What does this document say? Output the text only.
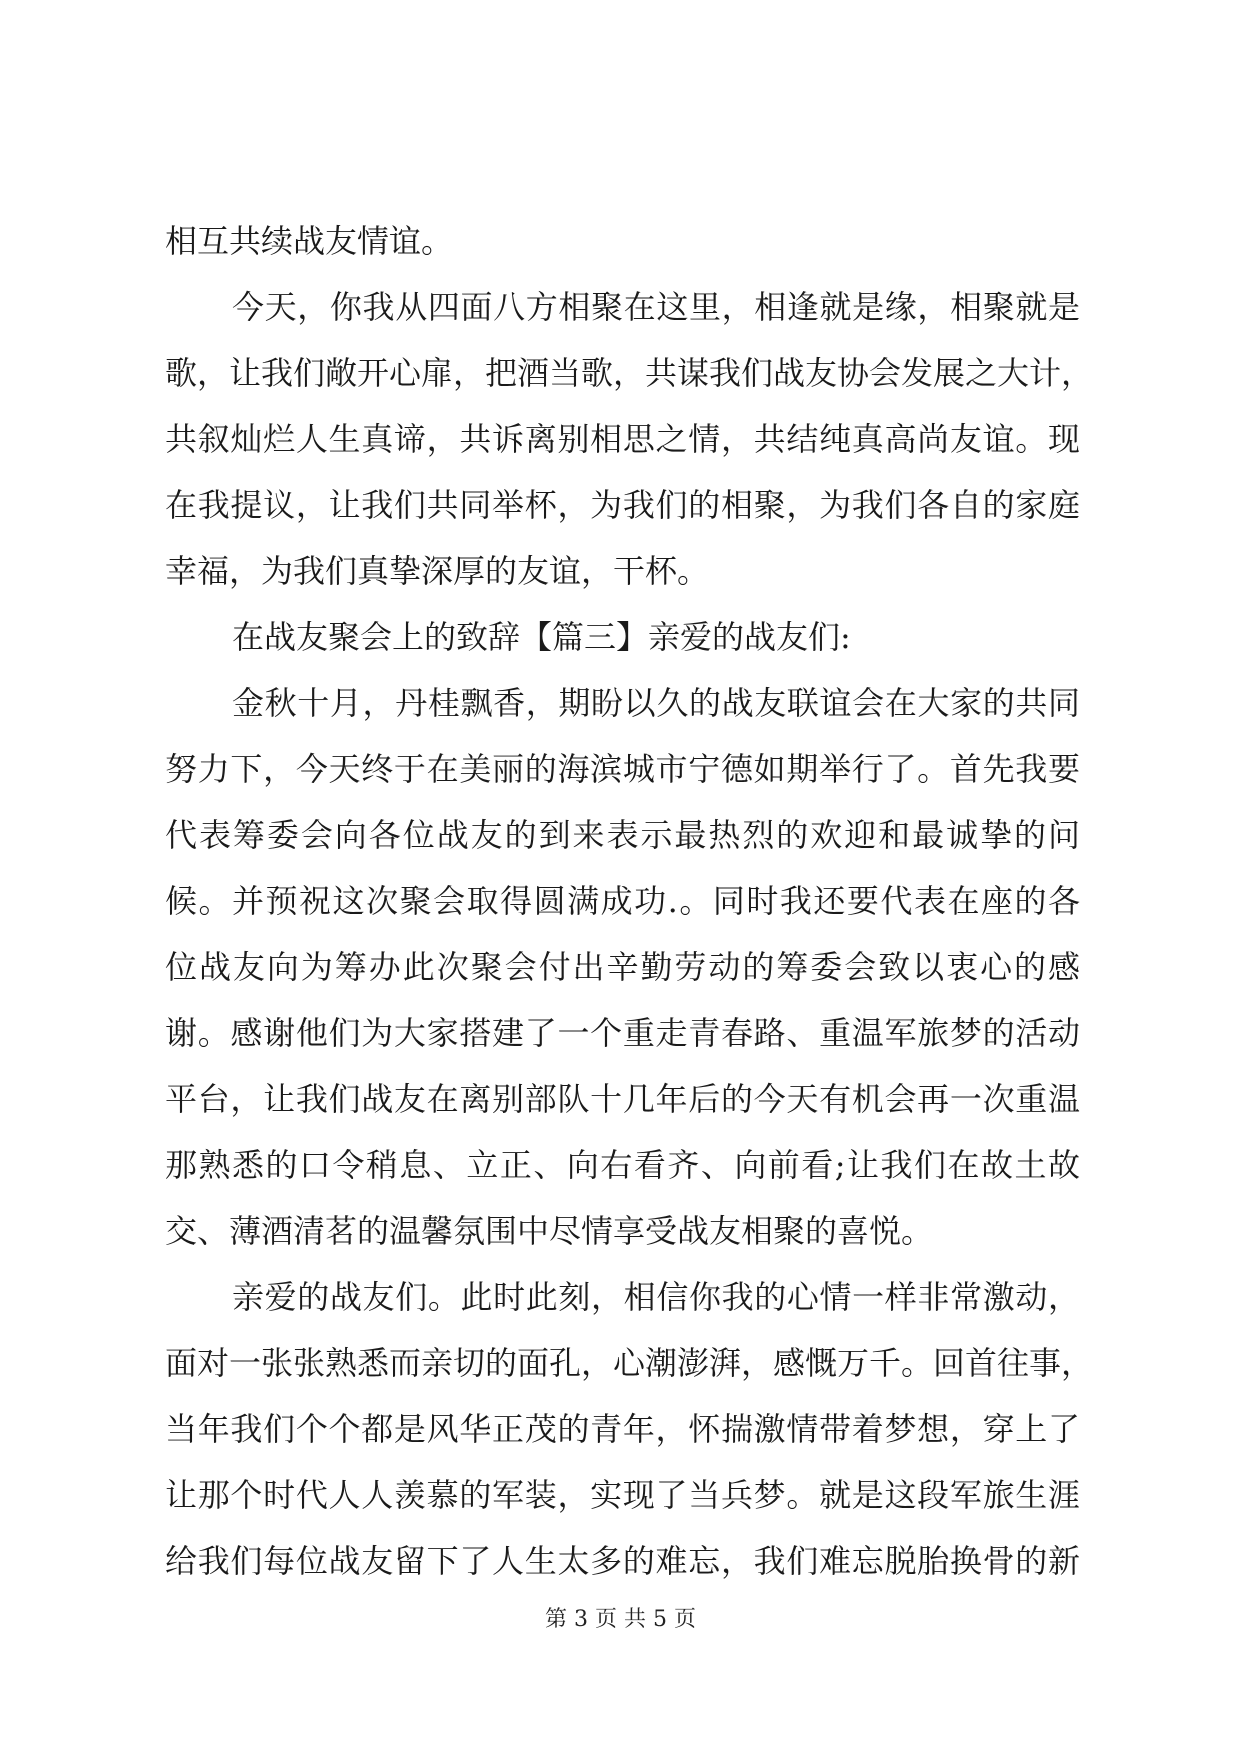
相互共续战友情谊。
今天，你我从四面八方相聚在这里，相逢就是缘，相聚就是
歌，让我们敞开心扉，把酒当歌，共谋我们战友协会发展之大计，
共叙灿烂人生真谛，共诉离别相思之情，共结纯真高尚友谊。现
在我提议，让我们共同举杯，为我们的相聚，为我们各自的家庭
幸福，为我们真挚深厚的友谊，干杯。
在战友聚会上的致辞【篇三】亲爱的战友们:
金秋十月，丹桂飘香，期盼以久的战友联谊会在大家的共同
努力下，今天终于在美丽的海滨城市宁德如期举行了。首先我要
代表筹委会向各位战友的到来表示最热烈的欢迎和最诚挚的问
候。并预祝这次聚会取得圆满成功.。同时我还要代表在座的各
位战友向为筹办此次聚会付出辛勤劳动的筹委会致以衷心的感
谢。感谢他们为大家搭建了一个重走青春路、重温军旅梦的活动
平台，让我们战友在离别部队十几年后的今天有机会再一次重温
那熟悉的口令稍息、立正、向右看齐、向前看;让我们在故土故
交、薄酒清茗的温馨氛围中尽情享受战友相聚的喜悦。
亲爱的战友们。此时此刻，相信你我的心情一样非常激动，
面对一张张熟悉而亲切的面孔，心潮澎湃，感慨万千。回首往事，
当年我们个个都是风华正茂的青年，怀揣激情带着梦想，穿上了
让那个时代人人羡慕的军装，实现了当兵梦。就是这段军旅生涯
给我们每位战友留下了人生太多的难忘，我们难忘脱胎换骨的新
第 3 页 共 5 页
